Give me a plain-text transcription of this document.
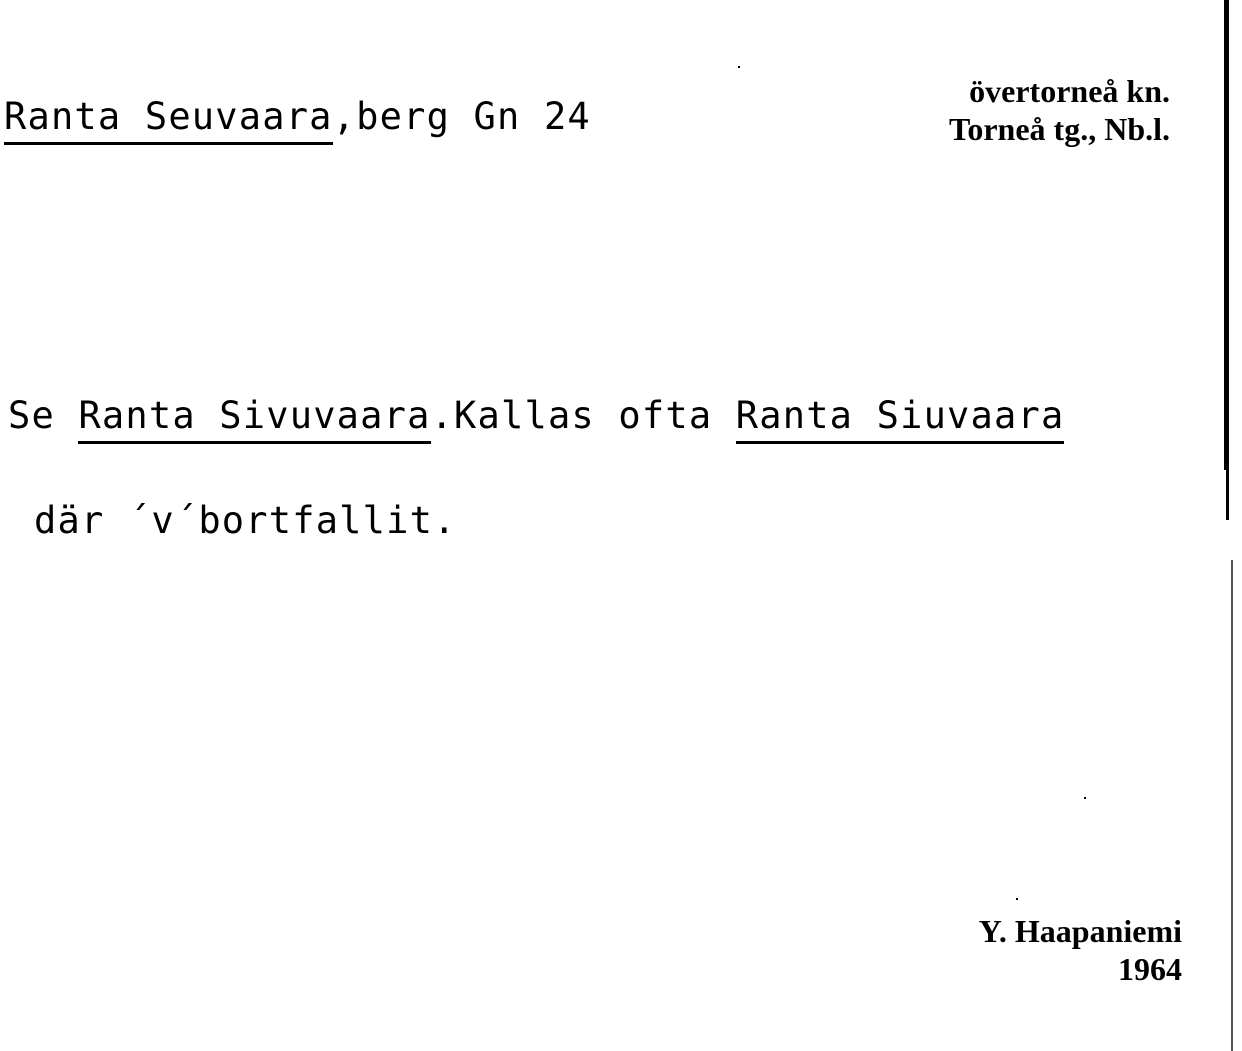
Ranta Seuvaara,berg Gn 24
övertorneå kn.
Torneå tg., Nb.l.
Se Ranta Sivuvaara.Kallas ofta Ranta Siuvaara
där ´v´bortfallit.
Y. Haapaniemi
1964
